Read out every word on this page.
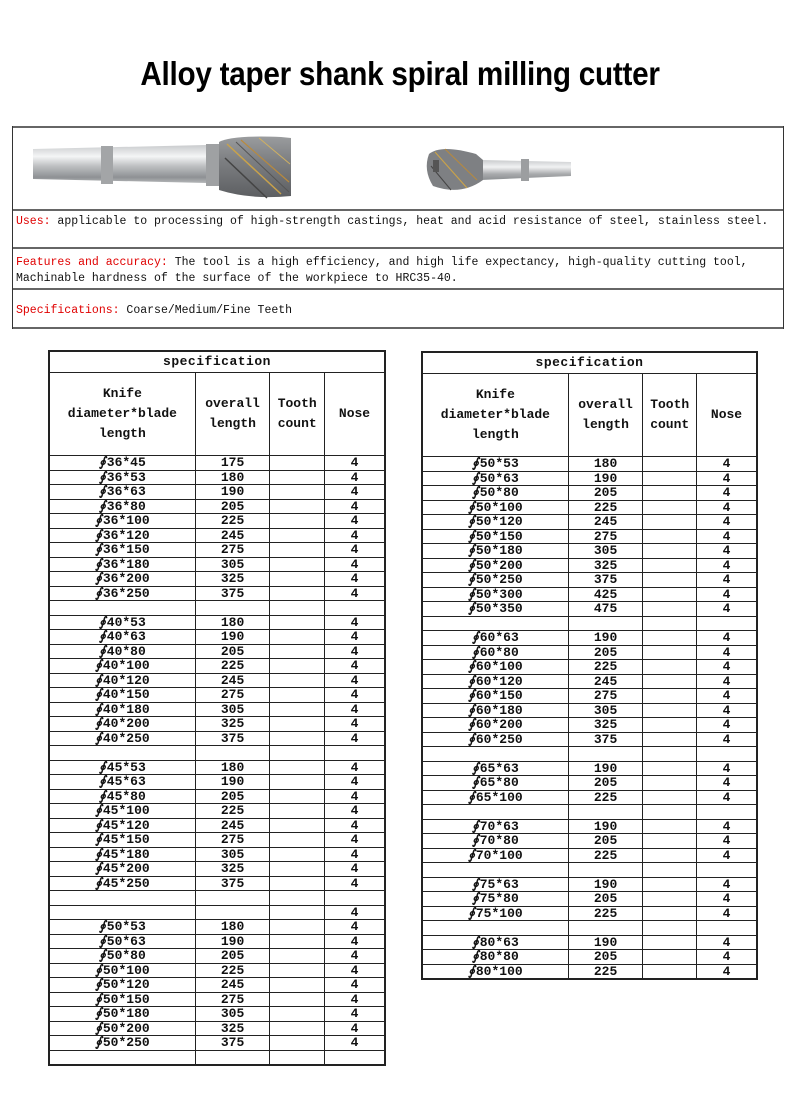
Alloy taper shank spiral milling cutter
Uses: applicable to processing of high-strength castings, heat and acid resistance of steel, stainless steel.
Features and accuracy: The tool is a high efficiency, and high life expectancy, high-quality cutting tool, Machinable hardness of the surface of the workpiece to HRC35-40.
Specifications: Coarse/Medium/Fine Teeth
specification			
Knife diameter*blade length	overall length	Tooth count	Nose
∮36*45	175		4
∮36*53	180		4
∮36*63	190		4
∮36*80	205		4
∮36*100	225		4
∮36*120	245		4
∮36*150	275		4
∮36*180	305		4
∮36*200	325		4
∮36*250	375		4

∮40*53	180		4
∮40*63	190		4
∮40*80	205		4
∮40*100	225		4
∮40*120	245		4
∮40*150	275		4
∮40*180	305		4
∮40*200	325		4
∮40*250	375		4

∮45*53	180		4
∮45*63	190		4
∮45*80	205		4
∮45*100	225		4
∮45*120	245		4
∮45*150	275		4
∮45*180	305		4
∮45*200	325		4
∮45*250	375		4

			4
∮50*53	180		4
∮50*63	190		4
∮50*80	205		4
∮50*100	225		4
∮50*120	245		4
∮50*150	275		4
∮50*180	305		4
∮50*200	325		4
∮50*250	375		4

specification			
Knife diameter*blade length	overall length	Tooth count	Nose
∮50*53	180		4
∮50*63	190		4
∮50*80	205		4
∮50*100	225		4
∮50*120	245		4
∮50*150	275		4
∮50*180	305		4
∮50*200	325		4
∮50*250	375		4
∮50*300	425		4
∮50*350	475		4

∮60*63	190		4
∮60*80	205		4
∮60*100	225		4
∮60*120	245		4
∮60*150	275		4
∮60*180	305		4
∮60*200	325		4
∮60*250	375		4

∮65*63	190		4
∮65*80	205		4
∮65*100	225		4

∮70*63	190		4
∮70*80	205		4
∮70*100	225		4

∮75*63	190		4
∮75*80	205		4
∮75*100	225		4

∮80*63	190		4
∮80*80	205		4
∮80*100	225		4
